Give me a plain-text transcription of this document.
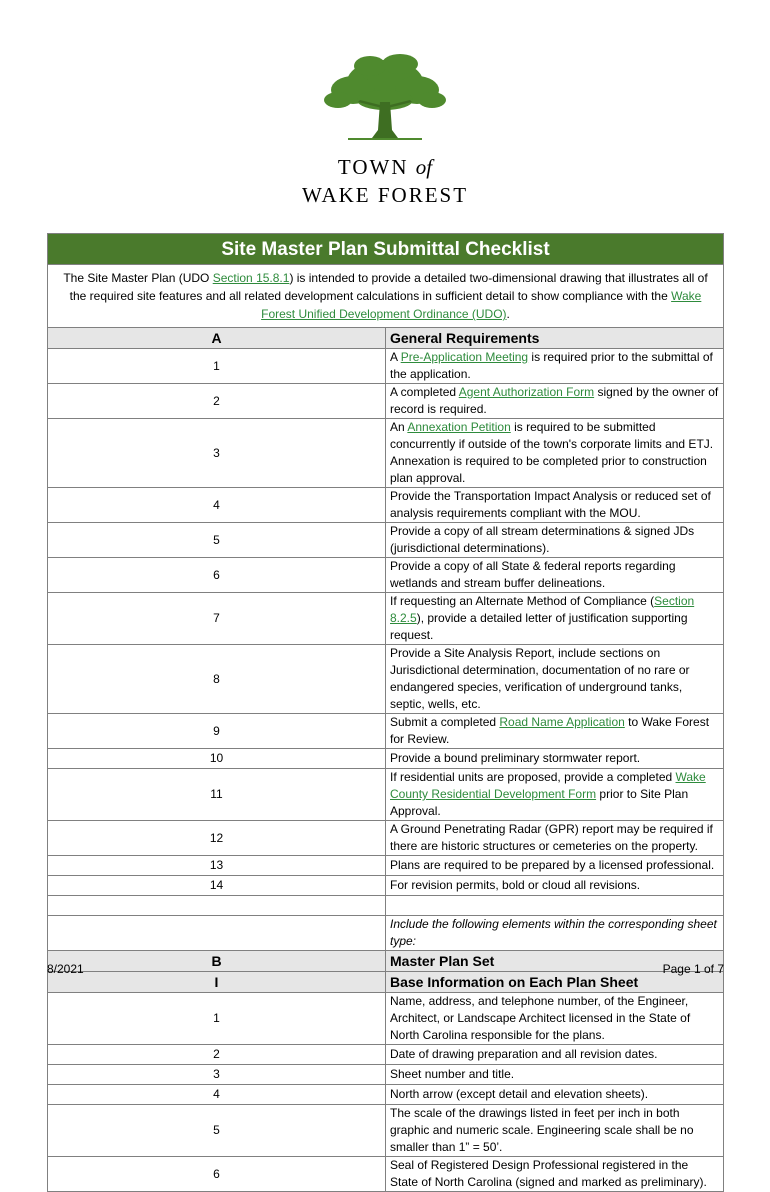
TOWN of
WAKE FOREST
Site Master Plan Submittal Checklist	
The Site Master Plan (UDO Section 15.8.1) is intended to provide a detailed two-dimensional drawing that illustrates all of the required site features and all related development calculations in sufficient detail to show compliance with the Wake Forest Unified Development Ordinance (UDO).	
A	General Requirements
1	A Pre-Application Meeting is required prior to the submittal of the application.
2	A completed Agent Authorization Form signed by the owner of record is required.
3	An Annexation Petition is required to be submitted concurrently if outside of the town's corporate limits and ETJ. Annexation is required to be completed prior to construction plan approval.
4	Provide the Transportation Impact Analysis or reduced set of analysis requirements compliant with the MOU.
5	Provide a copy of all stream determinations & signed JDs (jurisdictional determinations).
6	Provide a copy of all State & federal reports regarding wetlands and stream buffer delineations.
7	If requesting an Alternate Method of Compliance (Section 8.2.5), provide a detailed letter of justification supporting request.
8	Provide a Site Analysis Report, include sections on Jurisdictional determination, documentation of no rare or endangered species, verification of underground tanks, septic, wells, etc.
9	Submit a completed Road Name Application to Wake Forest for Review.
10	Provide a bound preliminary stormwater report.
11	If residential units are proposed, provide a completed Wake County Residential Development Form prior to Site Plan Approval.
12	A Ground Penetrating Radar (GPR) report may be required if there are historic structures or cemeteries on the property.
13	Plans are required to be prepared by a licensed professional.
14	For revision permits, bold or cloud all revisions.

	Include the following elements within the corresponding sheet type:
B	Master Plan Set
I	Base Information on Each Plan Sheet
1	Name, address, and telephone number, of the Engineer, Architect, or Landscape Architect licensed in the State of North Carolina responsible for the plans.
2	Date of drawing preparation and all revision dates.
3	Sheet number and title.
4	North arrow (except detail and elevation sheets).
5	The scale of the drawings listed in feet per inch in both graphic and numeric scale. Engineering scale shall be no smaller than 1” = 50’.
6	Seal of Registered Design Professional registered in the State of North Carolina (signed and marked as preliminary).
8/2021	Page 1 of 7
